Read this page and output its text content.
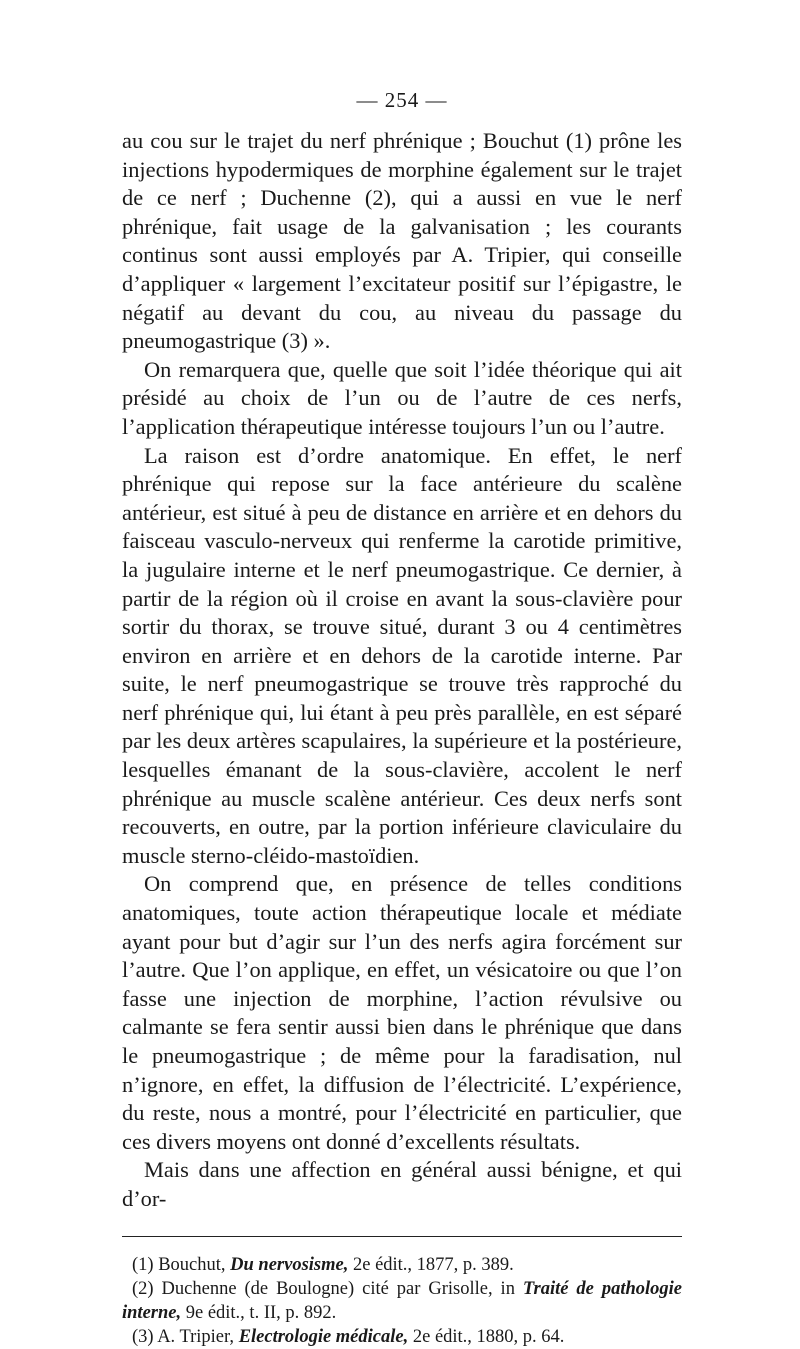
— 254 —

au cou sur le trajet du nerf phrénique ; Bouchut (1) prône les injections hypodermiques de morphine également sur le trajet de ce nerf ; Duchenne (2), qui a aussi en vue le nerf phrénique, fait usage de la galvanisation ; les courants continus sont aussi employés par A. Tripier, qui conseille d’appliquer « largement l’excitateur positif sur l’épigastre, le négatif au devant du cou, au niveau du passage du pneumogastrique (3) ».

On remarquera que, quelle que soit l’idée théorique qui ait présidé au choix de l’un ou de l’autre de ces nerfs, l’application thérapeutique intéresse toujours l’un ou l’autre.

La raison est d’ordre anatomique. En effet, le nerf phrénique qui repose sur la face antérieure du scalène antérieur, est situé à peu de distance en arrière et en dehors du faisceau vasculo-nerveux qui renferme la carotide primitive, la jugulaire interne et le nerf pneumogastrique. Ce dernier, à partir de la région où il croise en avant la sous-clavière pour sortir du thorax, se trouve situé, durant 3 ou 4 centimètres environ en arrière et en dehors de la carotide interne. Par suite, le nerf pneumogastrique se trouve très rapproché du nerf phrénique qui, lui étant à peu près parallèle, en est séparé par les deux artères scapulaires, la supérieure et la postérieure, lesquelles émanant de la sous-clavière, accolent le nerf phrénique au muscle scalène antérieur. Ces deux nerfs sont recouverts, en outre, par la portion inférieure claviculaire du muscle sterno-cléido-mastoïdien.

On comprend que, en présence de telles conditions anatomiques, toute action thérapeutique locale et médiate ayant pour but d’agir sur l’un des nerfs agira forcément sur l’autre. Que l’on applique, en effet, un vésicatoire ou que l’on fasse une injection de morphine, l’action révulsive ou calmante se fera sentir aussi bien dans le phrénique que dans le pneumogastrique ; de même pour la faradisation, nul n’ignore, en effet, la diffusion de l’électricité. L’expérience, du reste, nous a montré, pour l’électricité en particulier, que ces divers moyens ont donné d’excellents résultats.

Mais dans une affection en général aussi bénigne, et qui d’or-

(1) Bouchut, Du nervosisme, 2e édit., 1877, p. 389.

(2) Duchenne (de Boulogne) cité par Grisolle, in Traité de pathologie interne, 9e édit., t. II, p. 892.

(3) A. Tripier, Electrologie médicale, 2e édit., 1880, p. 64.
